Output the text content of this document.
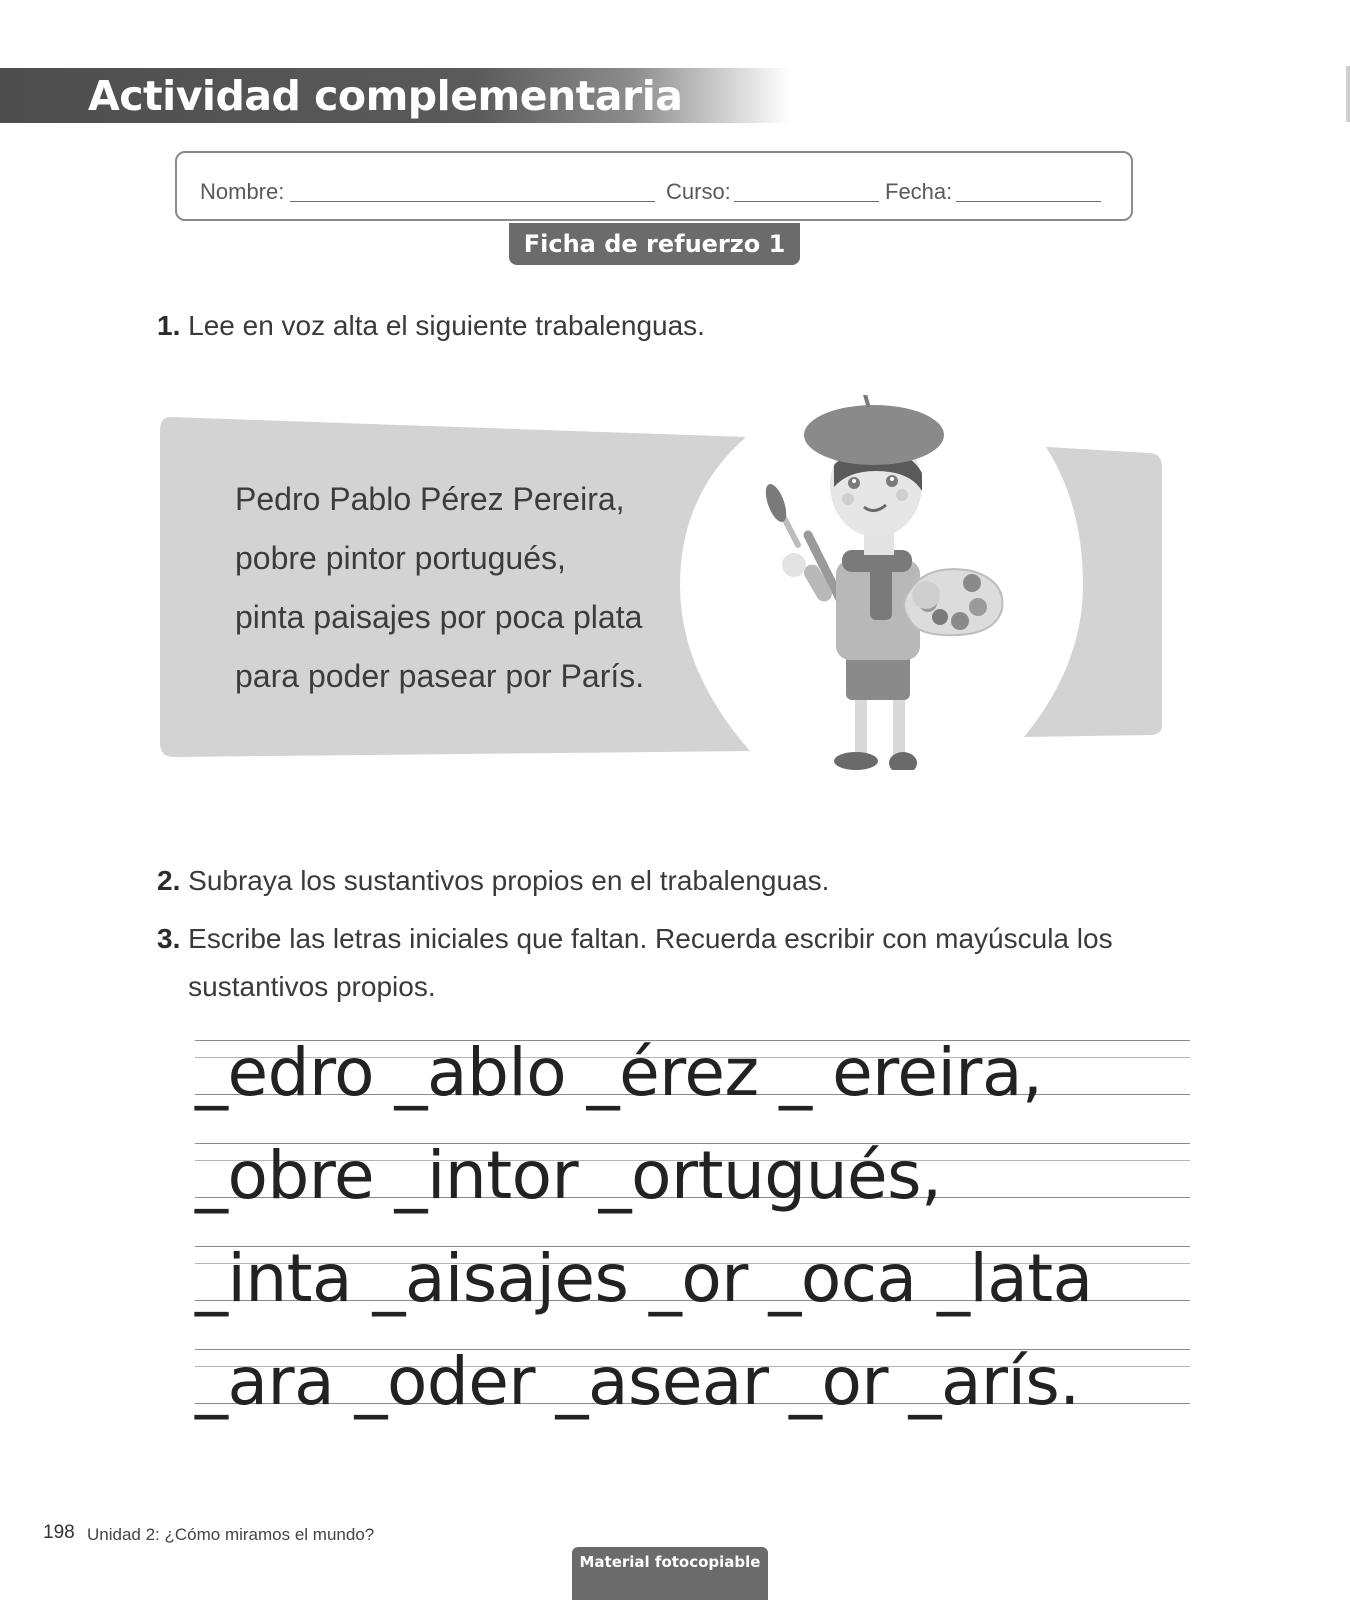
Actividad complementaria
Nombre:	Curso:	Fecha:
Ficha de refuerzo 1
1. Lee en voz alta el siguiente trabalenguas.
Pedro Pablo Pérez Pereira,
pobre pintor portugués,
pinta paisajes por poca plata
para poder pasear por París.
2. Subraya los sustantivos propios en el trabalenguas.
3. Escribe las letras iniciales que faltan. Recuerda escribir con mayúscula los
sustantivos propios.
_edro _ablo _érez _ ereira,
_obre _intor _ortugués,
_inta _aisajes _or _oca _lata
_ara _oder _asear _or _arís.
198 Unidad 2: ¿Cómo miramos el mundo?
Material fotocopiable
